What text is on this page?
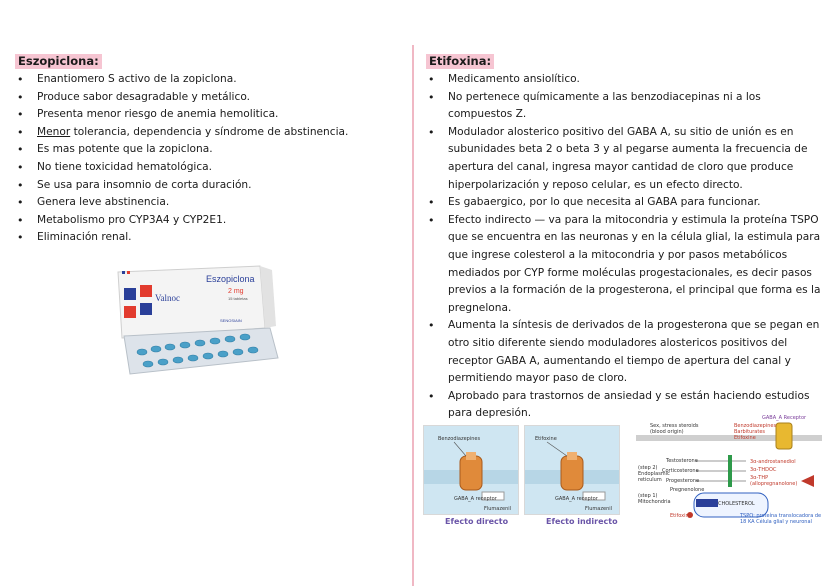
Eszopiclona:
• Enantiomero S activo de la zopiclona.
• Produce sabor desagradable y metálico.
• Presenta menor riesgo de anemia hemolitica.
• Menor tolerancia, dependencia y síndrome de abstinencia.
• Es mas potente que la zopiclona.
• No tiene toxicidad hematológica.
• Se usa para insomnio de corta duración.
• Genera leve abstinencia.
• Metabolismo pro CYP3A4 y CYP2E1.
• Eliminación renal.
Valnoc
Eszopiclona
2 mg
15 tabletas
SENOSIAIN
Etifoxina:
• Medicamento ansiolítico.
• No pertenece químicamente a las benzodiacepinas ni a los compuestos Z.
• Modulador alosterico positivo del GABA A, su sitio de unión es en subunidades beta 2 o beta 3 y al pegarse aumenta la frecuencia de apertura del canal, ingresa mayor cantidad de cloro que produce hiperpolarización y reposo celular, es un efecto directo.
• Es gabaergico, por lo que necesita al GABA para funcionar.
• Efecto indirecto — va para la mitocondria y estimula la proteína TSPO que se encuentra en las neuronas y en la célula glial, la estimula para que ingrese colesterol a la mitocondria y por pasos metabólicos mediados por CYP forme moléculas progestacionales, es decir pasos previos a la formación de la progesterona, el principal que forma es la pregnelona.
• Aumenta la síntesis de derivados de la progesterona que se pegan en otro sitio diferente siendo moduladores alostericos positivos del receptor GABA A, aumentando el tiempo de apertura del canal y permitiendo mayor paso de cloro.
• Aprobado para trastornos de ansiedad y se están haciendo estudios para depresión.
Benzodiazepines
GABA_A receptor
Flumazenil
Efecto directo
Etifoxine
GABA_A receptor
Flumazenil
Efecto indirecto
GABA_A Receptor
Benzodiazepines Barbiturates Etifoxine
Sex, stress steroids (blood origin)
Testosterone
Corticosterone
Progesterone
Pregnenolone
(step 2) Endoplasmic reticulum
(step 1) Mitochondria	CHOLESTEROL
Etifoxine
3α-androstanediol
3α-THDOC
3α-THP (allopregnanolone)
TSPO: proteína translocadora de 18 KA Célula glial y neuronal
